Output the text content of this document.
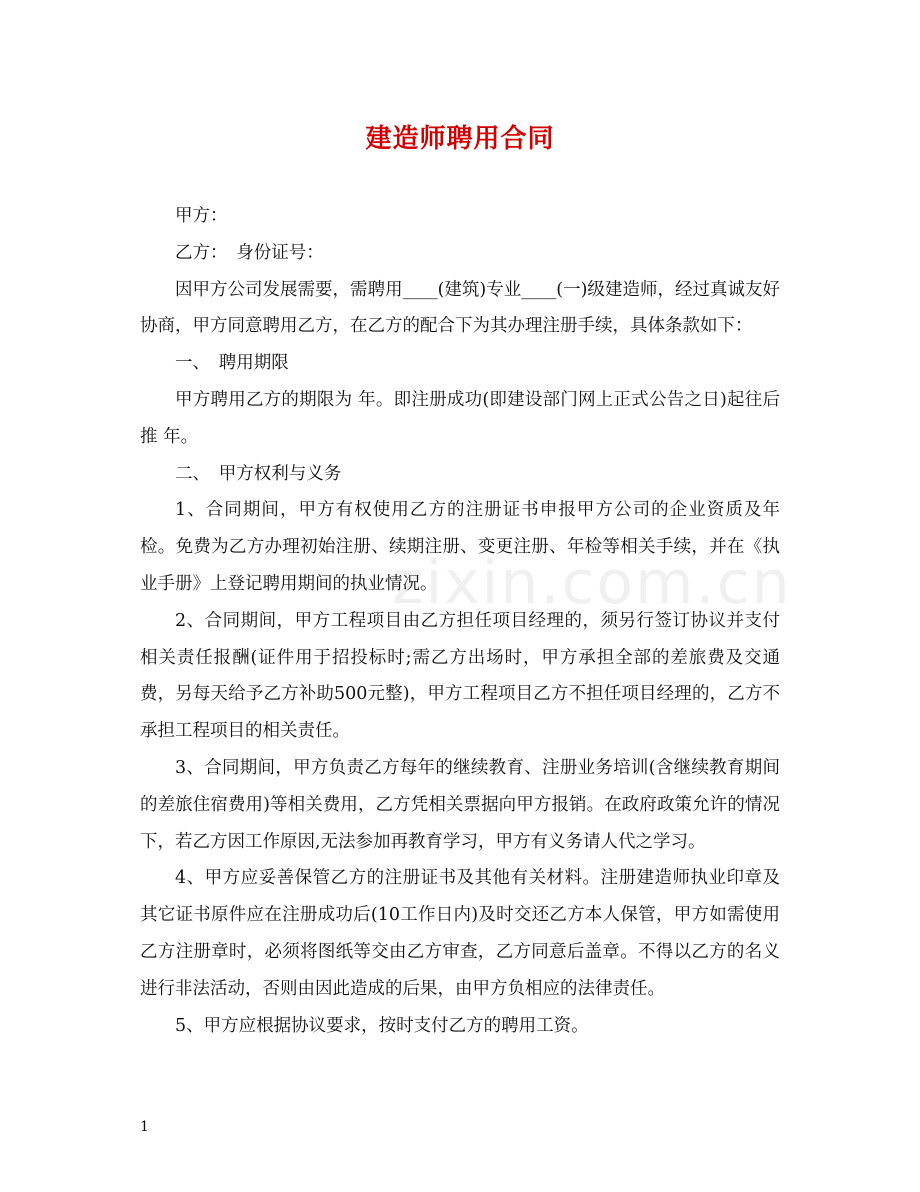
建造师聘用合同

甲方：

乙方：　身份证号：

因甲方公司发展需要，需聘用____(建筑)专业____(一)级建造师，经过真诚友好协商，甲方同意聘用乙方，在乙方的配合下为其办理注册手续，具体条款如下：

一、　聘用期限

甲方聘用乙方的期限为 年。即注册成功(即建设部门网上正式公告之日)起往后推 年。

二、　甲方权利与义务

1、合同期间，甲方有权使用乙方的注册证书申报甲方公司的企业资质及年检。免费为乙方办理初始注册、续期注册、变更注册、年检等相关手续，并在《执业手册》上登记聘用期间的执业情况。

2、合同期间，甲方工程项目由乙方担任项目经理的，须另行签订协议并支付相关责任报酬(证件用于招投标时;需乙方出场时，甲方承担全部的差旅费及交通费，另每天给予乙方补助500元整)，甲方工程项目乙方不担任项目经理的，乙方不承担工程项目的相关责任。

3、合同期间，甲方负责乙方每年的继续教育、注册业务培训(含继续教育期间的差旅住宿费用)等相关费用，乙方凭相关票据向甲方报销。在政府政策允许的情况下，若乙方因工作原因,无法参加再教育学习，甲方有义务请人代之学习。

4、甲方应妥善保管乙方的注册证书及其他有关材料。注册建造师执业印章及其它证书原件应在注册成功后(10工作日内)及时交还乙方本人保管，甲方如需使用乙方注册章时，必须将图纸等交由乙方审查，乙方同意后盖章。不得以乙方的名义进行非法活动，否则由因此造成的后果，由甲方负相应的法律责任。

5、甲方应根据协议要求，按时支付乙方的聘用工资。

zixin.com.cn
1
